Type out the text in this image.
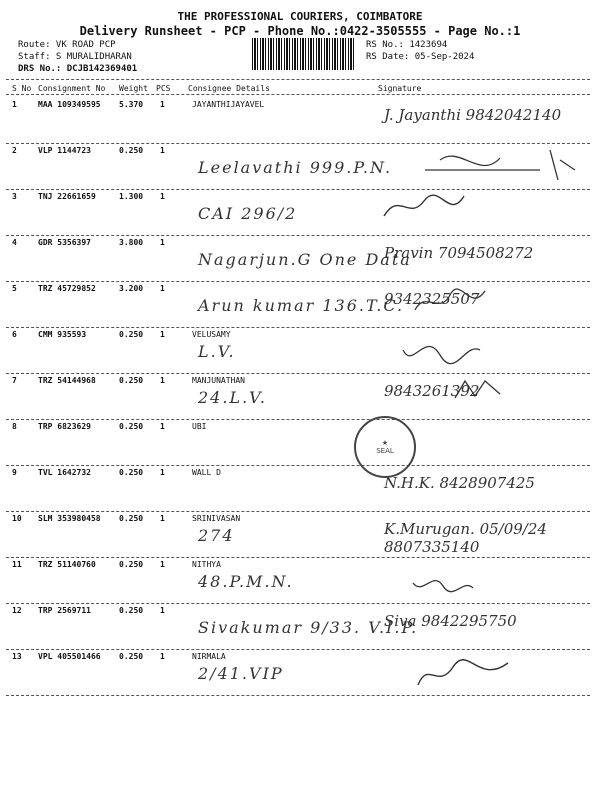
THE PROFESSIONAL COURIERS, COIMBATORE
Delivery Runsheet - PCP - Phone No.:0422-3505555 - Page No.:1
Route: VK ROAD PCP
Staff: S MURALIDHARAN
DRS No.: DCJB142369401
RS No.: 1423694
RS Date: 05-Sep-2024
S No Consignment No Weight PCS Consignee Details	Signature
1	MAA 109349595 5.370 1	JAYANTHIJAYAVEL
J. Jayanthi 9842042140
2	VLP 1144723	0.250 1
Leelavathi 999.P.N.
3	TNJ 22661659	1.300 1
CAI 296/2
4	GDR 5356397	3.800 1
Nagarjun.G One Data
Pravin 7094508272
5	TRZ 45729852	3.200 1
Arun kumar 136.T.C.
9342325507
6	CMM 935593	0.250 1	VELUSAMY
L.V.
7	TRZ 54144968	0.250 1	MANJUNATHAN
24.L.V.	9843261392
8	TRP 6823629	0.250 1	UBI
9	TVL 1642732	0.250 1	WALL D
N.H.K. 8428907425
10 SLM 353980458 0.250 1	SRINIVASAN
274	K.Murugan. 05/09/24 8807335140
11 TRZ 51140760	0.250 1	NITHYA
48.P.M.N.
12 TRP 2569711	0.250 1
Sivakumar 9/33. V.I.P.
Siva 9842295750
13 VPL 405501466 0.250 1	NIRMALA
2/41.VIP
★
SEAL
